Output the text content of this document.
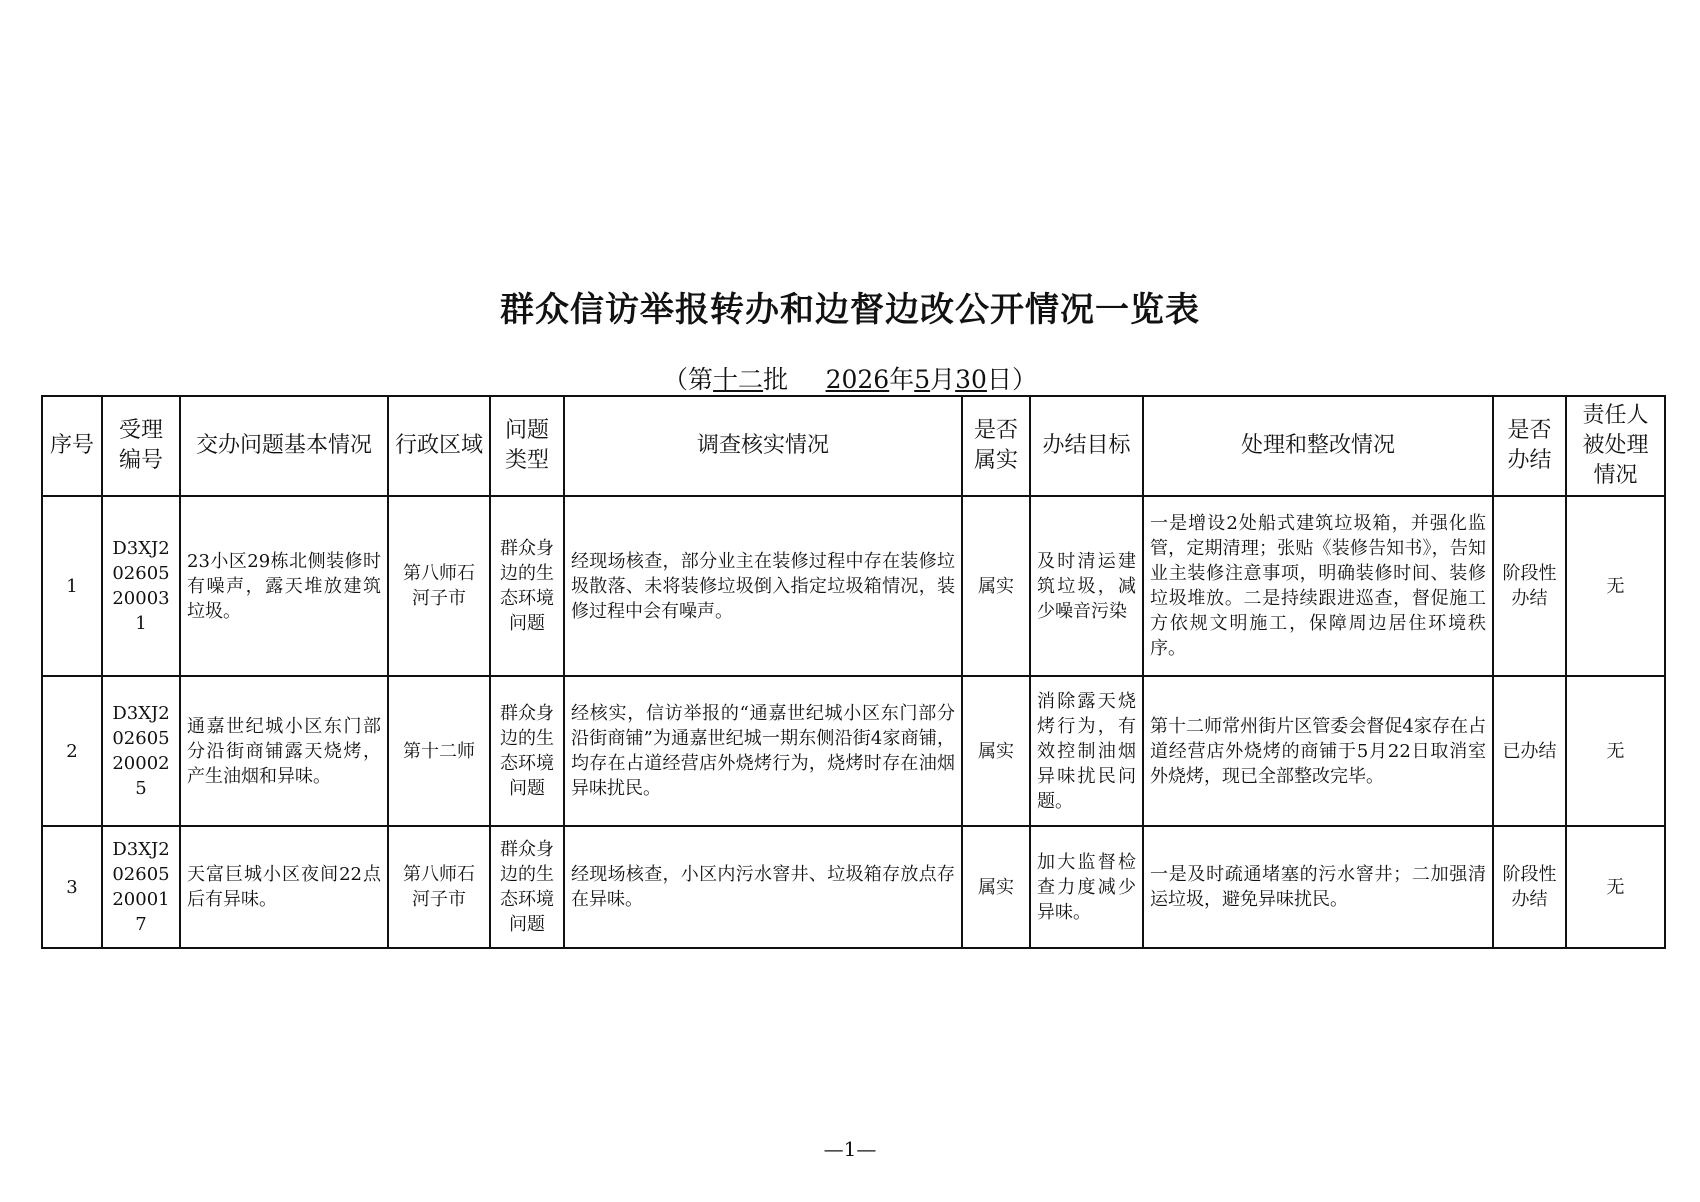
群众信访举报转办和边督边改公开情况一览表
（第十二批   2026年5月30日）
序号	受理编号	交办问题基本情况	行政区域	问题类型	调查核实情况	是否属实	办结目标	处理和整改情况	是否办结	责任人被处理情况
1	D3XJ202605200031	23小区29栋北侧装修时有噪声，露天堆放建筑垃圾。	第八师石河子市	群众身边的生态环境问题	经现场核查，部分业主在装修过程中存在装修垃圾散落、未将装修垃圾倒入指定垃圾箱情况，装修过程中会有噪声。	属实	及时清运建筑垃圾，减少噪音污染	一是增设2处船式建筑垃圾箱，并强化监管，定期清理；张贴《装修告知书》，告知业主装修注意事项，明确装修时间、装修垃圾堆放。二是持续跟进巡查，督促施工方依规文明施工，保障周边居住环境秩序。	阶段性办结	无
2	D3XJ202605200025	通嘉世纪城小区东门部分沿街商铺露天烧烤，产生油烟和异味。	第十二师	群众身边的生态环境问题	经核实，信访举报的“通嘉世纪城小区东门部分沿街商铺”为通嘉世纪城一期东侧沿街4家商铺，均存在占道经营店外烧烤行为，烧烤时存在油烟异味扰民。	属实	消除露天烧烤行为，有效控制油烟异味扰民问题。	第十二师常州街片区管委会督促4家存在占道经营店外烧烤的商铺于5月22日取消室外烧烤，现已全部整改完毕。	已办结	无
3	D3XJ202605200017	天富巨城小区夜间22点后有异味。	第八师石河子市	群众身边的生态环境问题	经现场核查，小区内污水窨井、垃圾箱存放点存在异味。	属实	加大监督检查力度减少异味。	一是及时疏通堵塞的污水窨井；二加强清运垃圾，避免异味扰民。	阶段性办结	无
—1—
